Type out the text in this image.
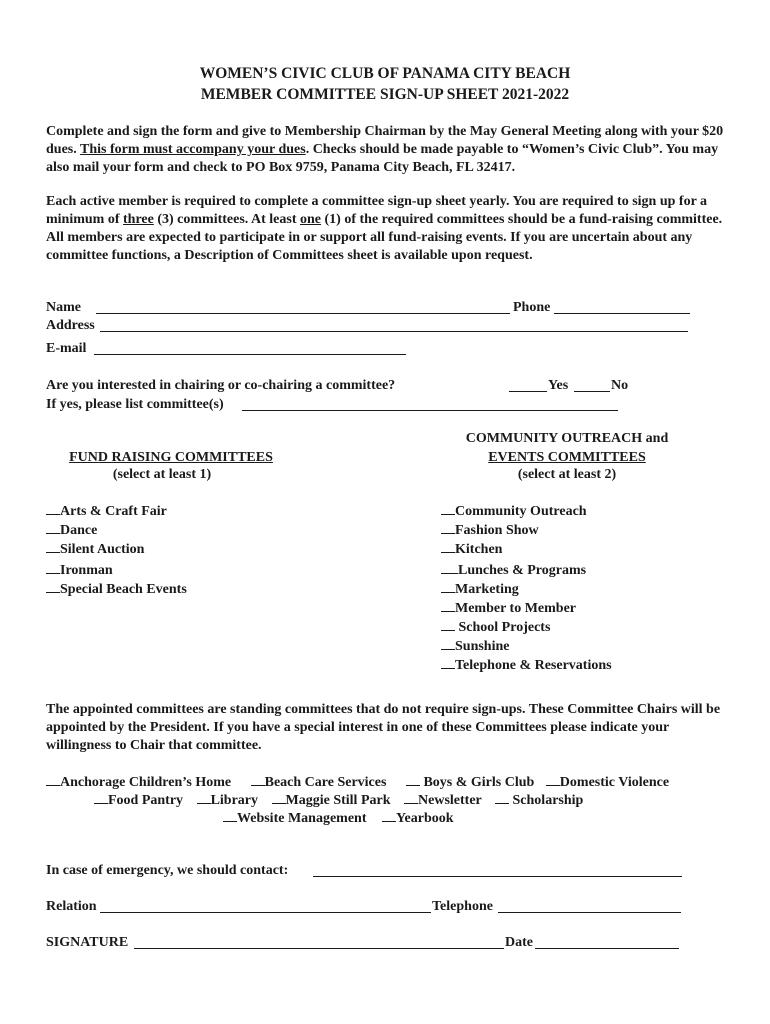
WOMEN’S CIVIC CLUB OF PANAMA CITY BEACH
MEMBER COMMITTEE SIGN-UP SHEET 2021-2022
Complete and sign the form and give to Membership Chairman by the May General Meeting along with your $20 dues. This form must accompany your dues. Checks should be made payable to “Women’s Civic Club”. You may also mail your form and check to PO Box 9759, Panama City Beach, FL 32417.
Each active member is required to complete a committee sign-up sheet yearly. You are required to sign up for a minimum of three (3) committees. At least one (1) of the required committees should be a fund-raising committee. All members are expected to participate in or support all fund-raising events. If you are uncertain about any committee functions, a Description of Committees sheet is available upon request.
Name	Phone
Address
E-mail
Are you interested in chairing or co-chairing a committee?	Yes	No
If yes, please list committee(s)
FUND RAISING COMMITTEES
(select at least 1)
COMMUNITY OUTREACH and
EVENTS COMMITTEES
(select at least 2)
Arts & Craft Fair
Dance
Silent Auction
Ironman
Special Beach Events
Community Outreach
Fashion Show
Kitchen
Lunches & Programs
Marketing
Member to Member
School Projects
Sunshine
Telephone & Reservations
The appointed committees are standing committees that do not require sign-ups. These Committee Chairs will be appointed by the President. If you have a special interest in one of these Committees please indicate your willingness to Chair that committee.
Anchorage Children’s Home Beach Care Services	Boys & Girls Club Domestic Violence
Food Pantry Library Maggie Still Park Newsletter Scholarship
Website Management Yearbook
In case of emergency, we should contact:
Relation	Telephone
SIGNATURE	Date
